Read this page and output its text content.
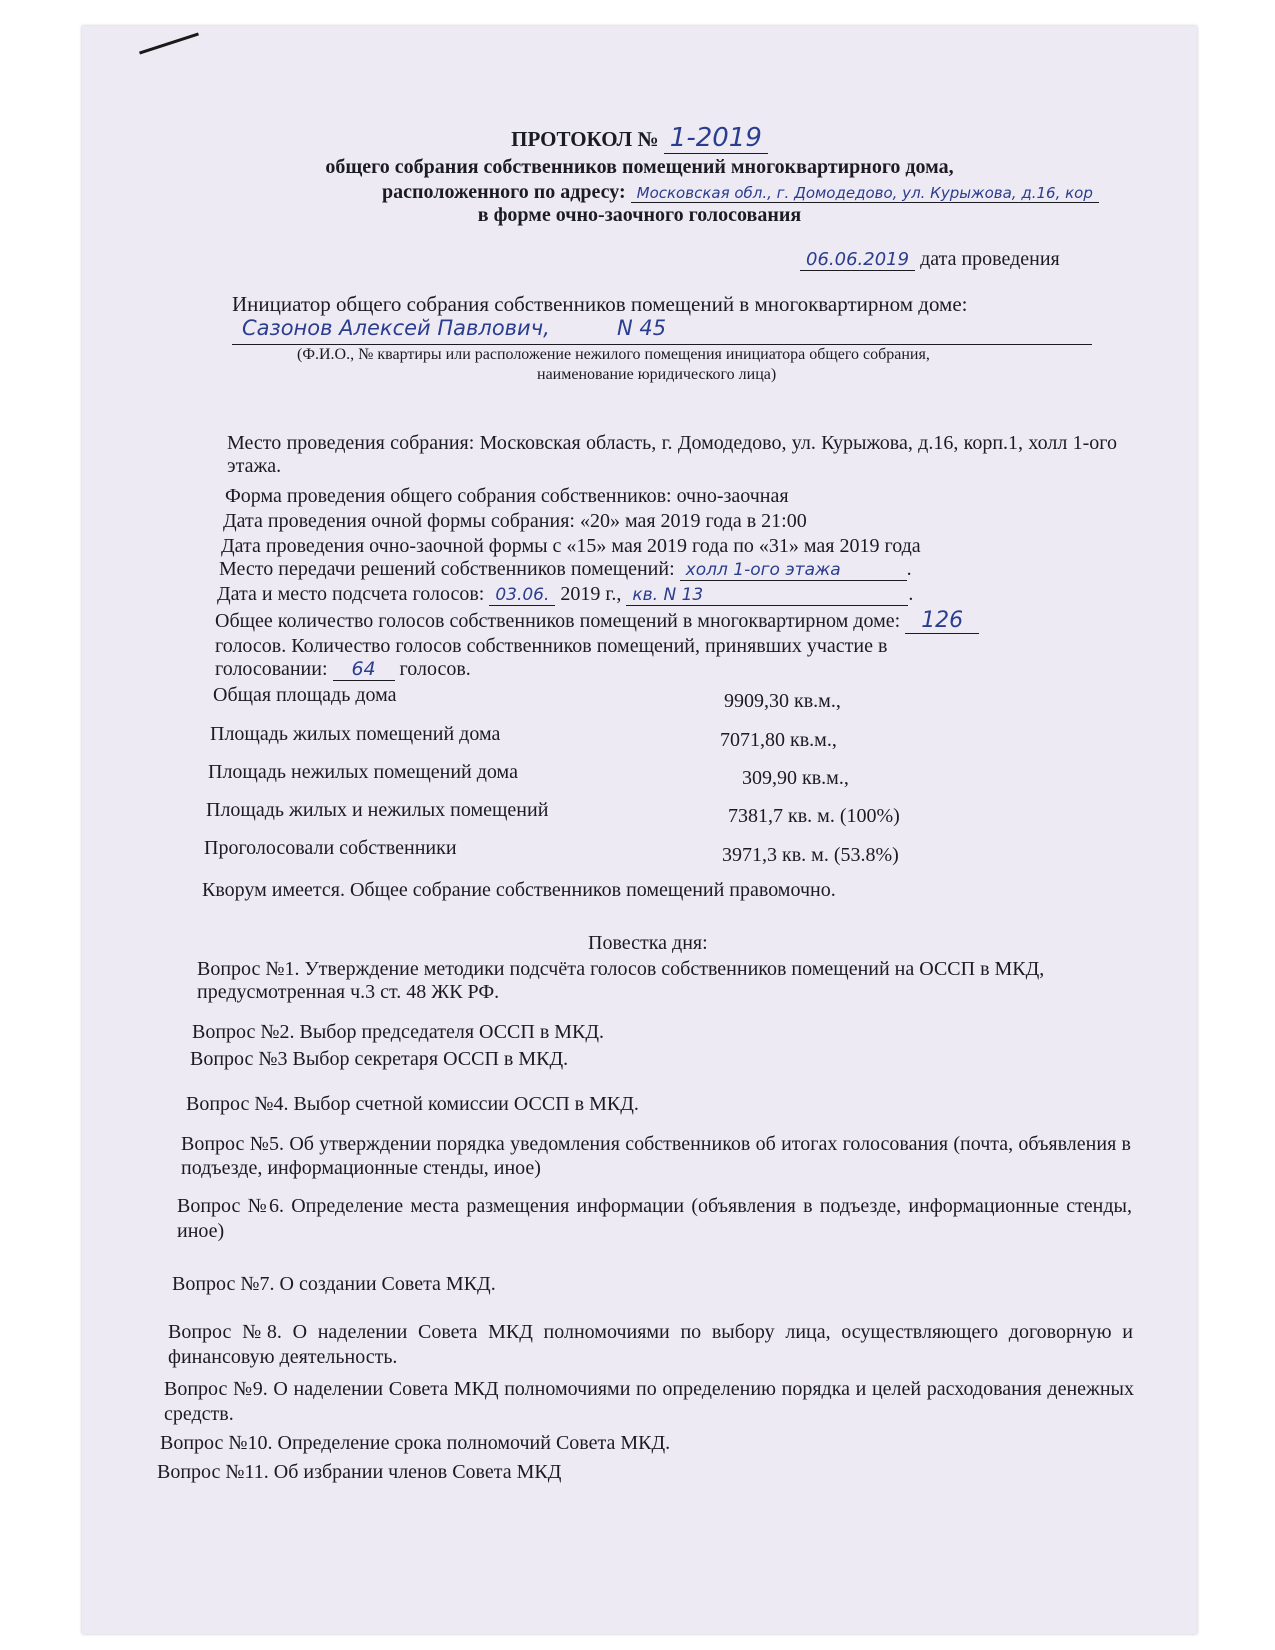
ПРОТОКОЛ № 1-2019
общего собрания собственников помещений многоквартирного дома,
расположенного по адресу: Московская обл., г. Домодедово, ул. Курыжова, д.16, кор
в форме очно-заочного голосования
06.06.2019 дата проведения
Инициатор общего собрания собственников помещений в многоквартирном доме:
Сазонов Алексей Павлович,	N 45
(Ф.И.О., № квартиры или расположение нежилого помещения инициатора общего собрания,
наименование юридического лица)
Место проведения собрания: Московская область, г. Домодедово, ул. Курыжова, д.16, корп.1, холл 1-ого этажа.
Форма проведения общего собрания собственников: очно-заочная
Дата проведения очной формы собрания: «20» мая 2019 года в 21:00
Дата проведения очно-заочной формы с «15» мая 2019 года по «31» мая 2019 года
Место передачи решений собственников помещений: холл 1-ого этажа	.
Дата и место подсчета голосов: 03.06. 2019 г., кв. N 13	.
Общее количество голосов собственников помещений в многоквартирном доме: 126
голосов. Количество голосов собственников помещений, принявших участие в
голосовании: 64 голосов.
Общая площадь дома	9909,30 кв.м.,
Площадь жилых помещений дома	7071,80 кв.м.,
Площадь нежилых помещений дома	309,90 кв.м.,
Площадь жилых и нежилых помещений	7381,7 кв. м. (100%)
Проголосовали собственники	3971,3 кв. м. (53.8%)
Кворум имеется. Общее собрание собственников помещений правомочно.
Повестка дня:
Вопрос №1. Утверждение методики подсчёта голосов собственников помещений на ОССП в МКД, предусмотренная ч.3 ст. 48 ЖК РФ.
Вопрос №2. Выбор председателя ОССП в МКД.
Вопрос №3 Выбор секретаря ОССП в МКД.
Вопрос №4. Выбор счетной комиссии ОССП в МКД.
Вопрос №5. Об утверждении порядка уведомления собственников об итогах голосования (почта, объявления в подъезде, информационные стенды, иное)
Вопрос №6. Определение места размещения информации (объявления в подъезде, информационные стенды, иное)
Вопрос №7. О создании Совета МКД.
Вопрос №8. О наделении Совета МКД полномочиями по выбору лица, осуществляющего договорную и финансовую деятельность.
Вопрос №9. О наделении Совета МКД полномочиями по определению порядка и целей расходования денежных средств.
Вопрос №10. Определение срока полномочий Совета МКД.
Вопрос №11. Об избрании членов Совета МКД
